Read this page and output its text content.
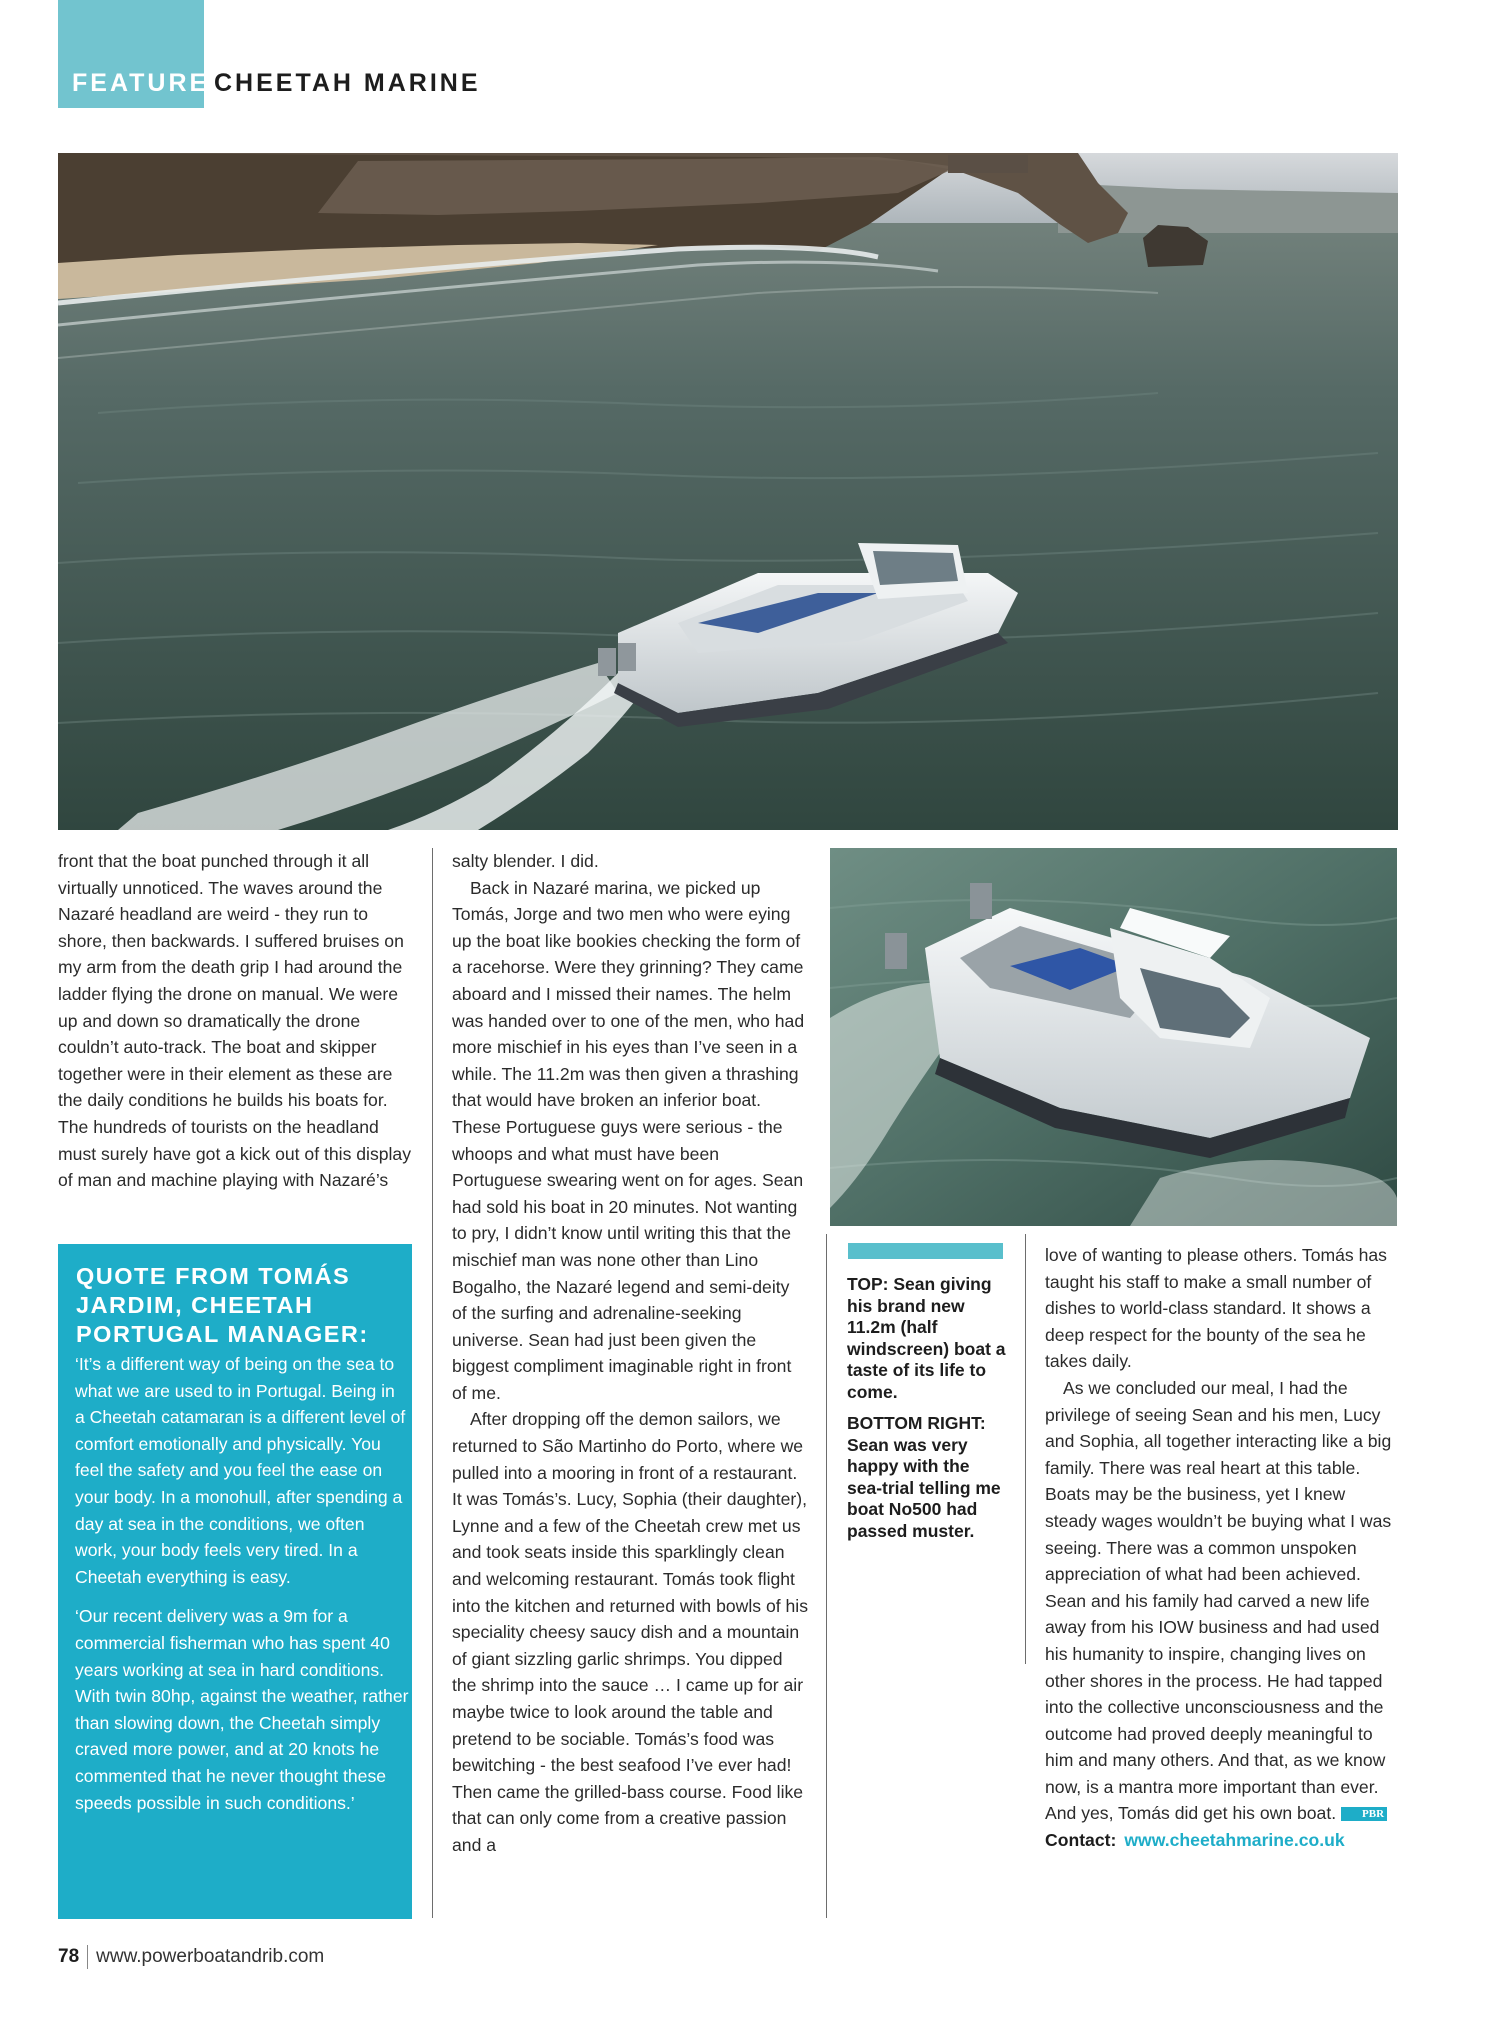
FEATURE CHEETAH MARINE

front that the boat punched through it all virtually unnoticed. The waves around the Nazaré headland are weird - they run to shore, then backwards. I suffered bruises on my arm from the death grip I had around the ladder flying the drone on manual. We were up and down so dramatically the drone couldn’t auto-track. The boat and skipper together were in their element as these are the daily conditions he builds his boats for. The hundreds of tourists on the headland must surely have got a kick out of this display of man and machine playing with Nazaré’s

QUOTE FROM TOMÁS JARDIM, CHEETAH PORTUGAL MANAGER:

‘It’s a different way of being on the sea to what we are used to in Portugal. Being in a Cheetah catamaran is a different level of comfort emotionally and physically. You feel the safety and you feel the ease on your body. In a monohull, after spending a day at sea in the conditions, we often work, your body feels very tired. In a Cheetah everything is easy.

‘Our recent delivery was a 9m for a commercial fisherman who has spent 40 years working at sea in hard conditions. With twin 80hp, against the weather, rather than slowing down, the Cheetah simply craved more power, and at 20 knots he commented that he never thought these speeds possible in such conditions.’

salty blender. I did.

Back in Nazaré marina, we picked up Tomás, Jorge and two men who were eying up the boat like bookies checking the form of a racehorse. Were they grinning? They came aboard and I missed their names. The helm was handed over to one of the men, who had more mischief in his eyes than I’ve seen in a while. The 11.2m was then given a thrashing that would have broken an inferior boat. These Portuguese guys were serious - the whoops and what must have been Portuguese swearing went on for ages. Sean had sold his boat in 20 minutes. Not wanting to pry, I didn’t know until writing this that the mischief man was none other than Lino Bogalho, the Nazaré legend and semi-deity of the surfing and adrenaline-seeking universe. Sean had just been given the biggest compliment imaginable right in front of me.

After dropping off the demon sailors, we returned to São Martinho do Porto, where we pulled into a mooring in front of a restaurant. It was Tomás’s. Lucy, Sophia (their daughter), Lynne and a few of the Cheetah crew met us and took seats inside this sparklingly clean and welcoming restaurant. Tomás took flight into the kitchen and returned with bowls of his speciality cheesy saucy dish and a mountain of giant sizzling garlic shrimps. You dipped the shrimp into the sauce … I came up for air maybe twice to look around the table and pretend to be sociable. Tomás’s food was bewitching - the best seafood I’ve ever had! Then came the grilled-bass course. Food like that can only come from a creative passion and a

TOP: Sean giving his brand new 11.2m (half windscreen) boat a taste of its life to come.

BOTTOM RIGHT: Sean was very happy with the sea-trial telling me boat No500 had passed muster.

love of wanting to please others. Tomás has taught his staff to make a small number of dishes to world-class standard. It shows a deep respect for the bounty of the sea he takes daily.

As we concluded our meal, I had the privilege of seeing Sean and his men, Lucy and Sophia, all together interacting like a big family. There was real heart at this table. Boats may be the business, yet I knew steady wages wouldn’t be buying what I was seeing. There was a common unspoken appreciation of what had been achieved. Sean and his family had carved a new life away from his IOW business and had used his humanity to inspire, changing lives on other shores in the process. He had tapped into the collective unconsciousness and the outcome had proved deeply meaningful to him and many others. And that, as we know now, is a mantra more important than ever. And yes, Tomás did get his own boat. PBR

Contact: www.cheetahmarine.co.uk

78 www.powerboatandrib.com
